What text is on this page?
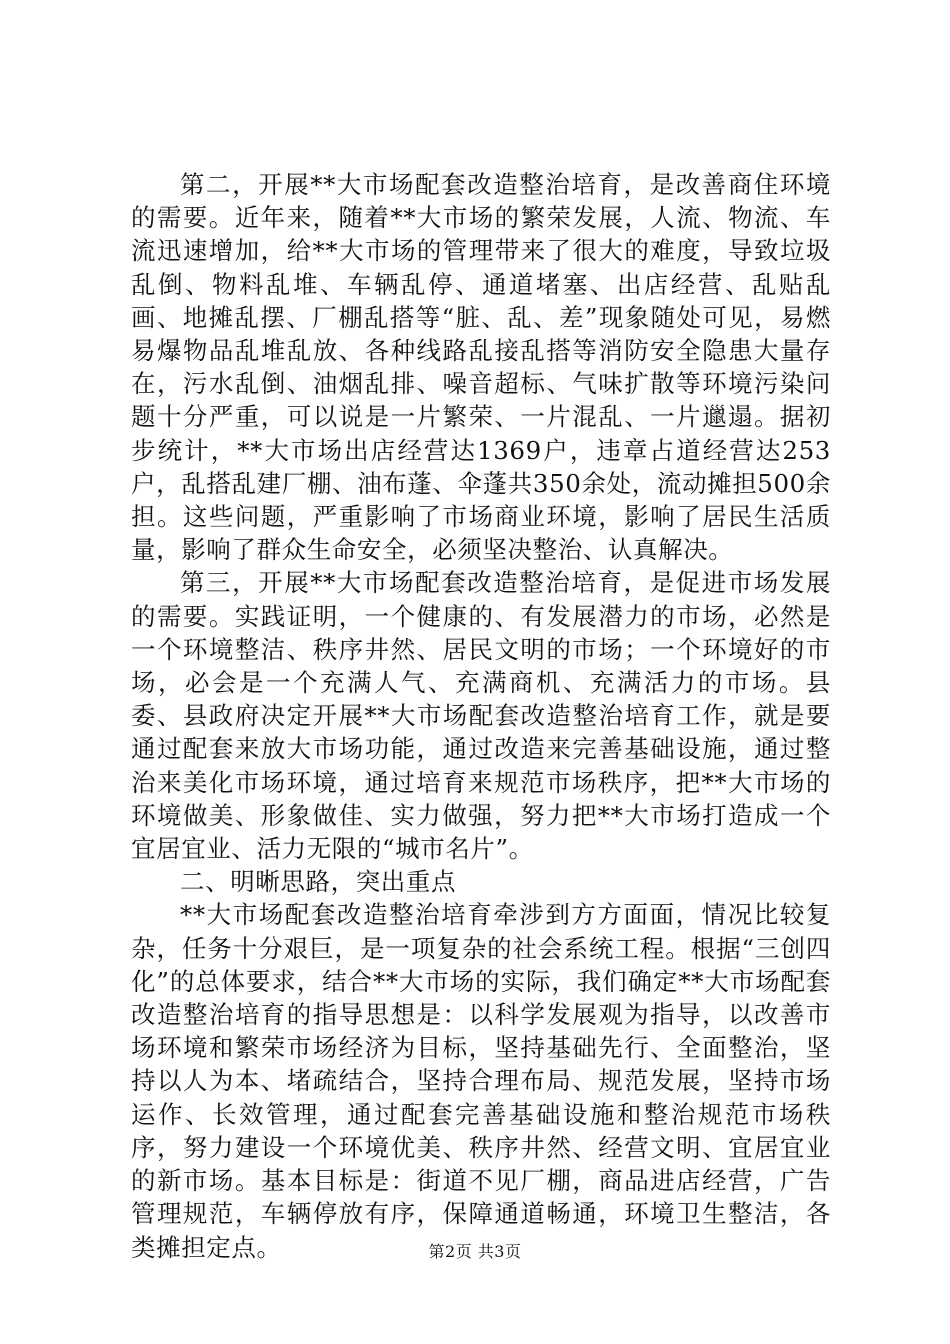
第二，开展**大市场配套改造整治培育，是改善商住环境的需要。近年来，随着**大市场的繁荣发展，人流、物流、车流迅速增加，给**大市场的管理带来了很大的难度，导致垃圾乱倒、物料乱堆、车辆乱停、通道堵塞、出店经营、乱贴乱画、地摊乱摆、厂棚乱搭等“脏、乱、差”现象随处可见，易燃易爆物品乱堆乱放、各种线路乱接乱搭等消防安全隐患大量存在，污水乱倒、油烟乱排、噪音超标、气味扩散等环境污染问题十分严重，可以说是一片繁荣、一片混乱、一片邋遢。据初步统计，**大市场出店经营达1369户，违章占道经营达253户，乱搭乱建厂棚、油布蓬、伞蓬共350余处，流动摊担500余担。这些问题，严重影响了市场商业环境，影响了居民生活质量，影响了群众生命安全，必须坚决整治、认真解决。

第三，开展**大市场配套改造整治培育，是促进市场发展的需要。实践证明，一个健康的、有发展潜力的市场，必然是一个环境整洁、秩序井然、居民文明的市场；一个环境好的市场，必会是一个充满人气、充满商机、充满活力的市场。县委、县政府决定开展**大市场配套改造整治培育工作，就是要通过配套来放大市场功能，通过改造来完善基础设施，通过整治来美化市场环境，通过培育来规范市场秩序，把**大市场的环境做美、形象做佳、实力做强，努力把**大市场打造成一个宜居宜业、活力无限的“城市名片”。

二、明晰思路，突出重点

**大市场配套改造整治培育牵涉到方方面面，情况比较复杂，任务十分艰巨，是一项复杂的社会系统工程。根据“三创四化”的总体要求，结合**大市场的实际，我们确定**大市场配套改造整治培育的指导思想是：以科学发展观为指导，以改善市场环境和繁荣市场经济为目标，坚持基础先行、全面整治，坚持以人为本、堵疏结合，坚持合理布局、规范发展，坚持市场运作、长效管理，通过配套完善基础设施和整治规范市场秩序，努力建设一个环境优美、秩序井然、经营文明、宜居宜业的新市场。基本目标是：街道不见厂棚，商品进店经营，广告管理规范，车辆停放有序，保障通道畅通，环境卫生整洁，各类摊担定点。	第2页 共3页
